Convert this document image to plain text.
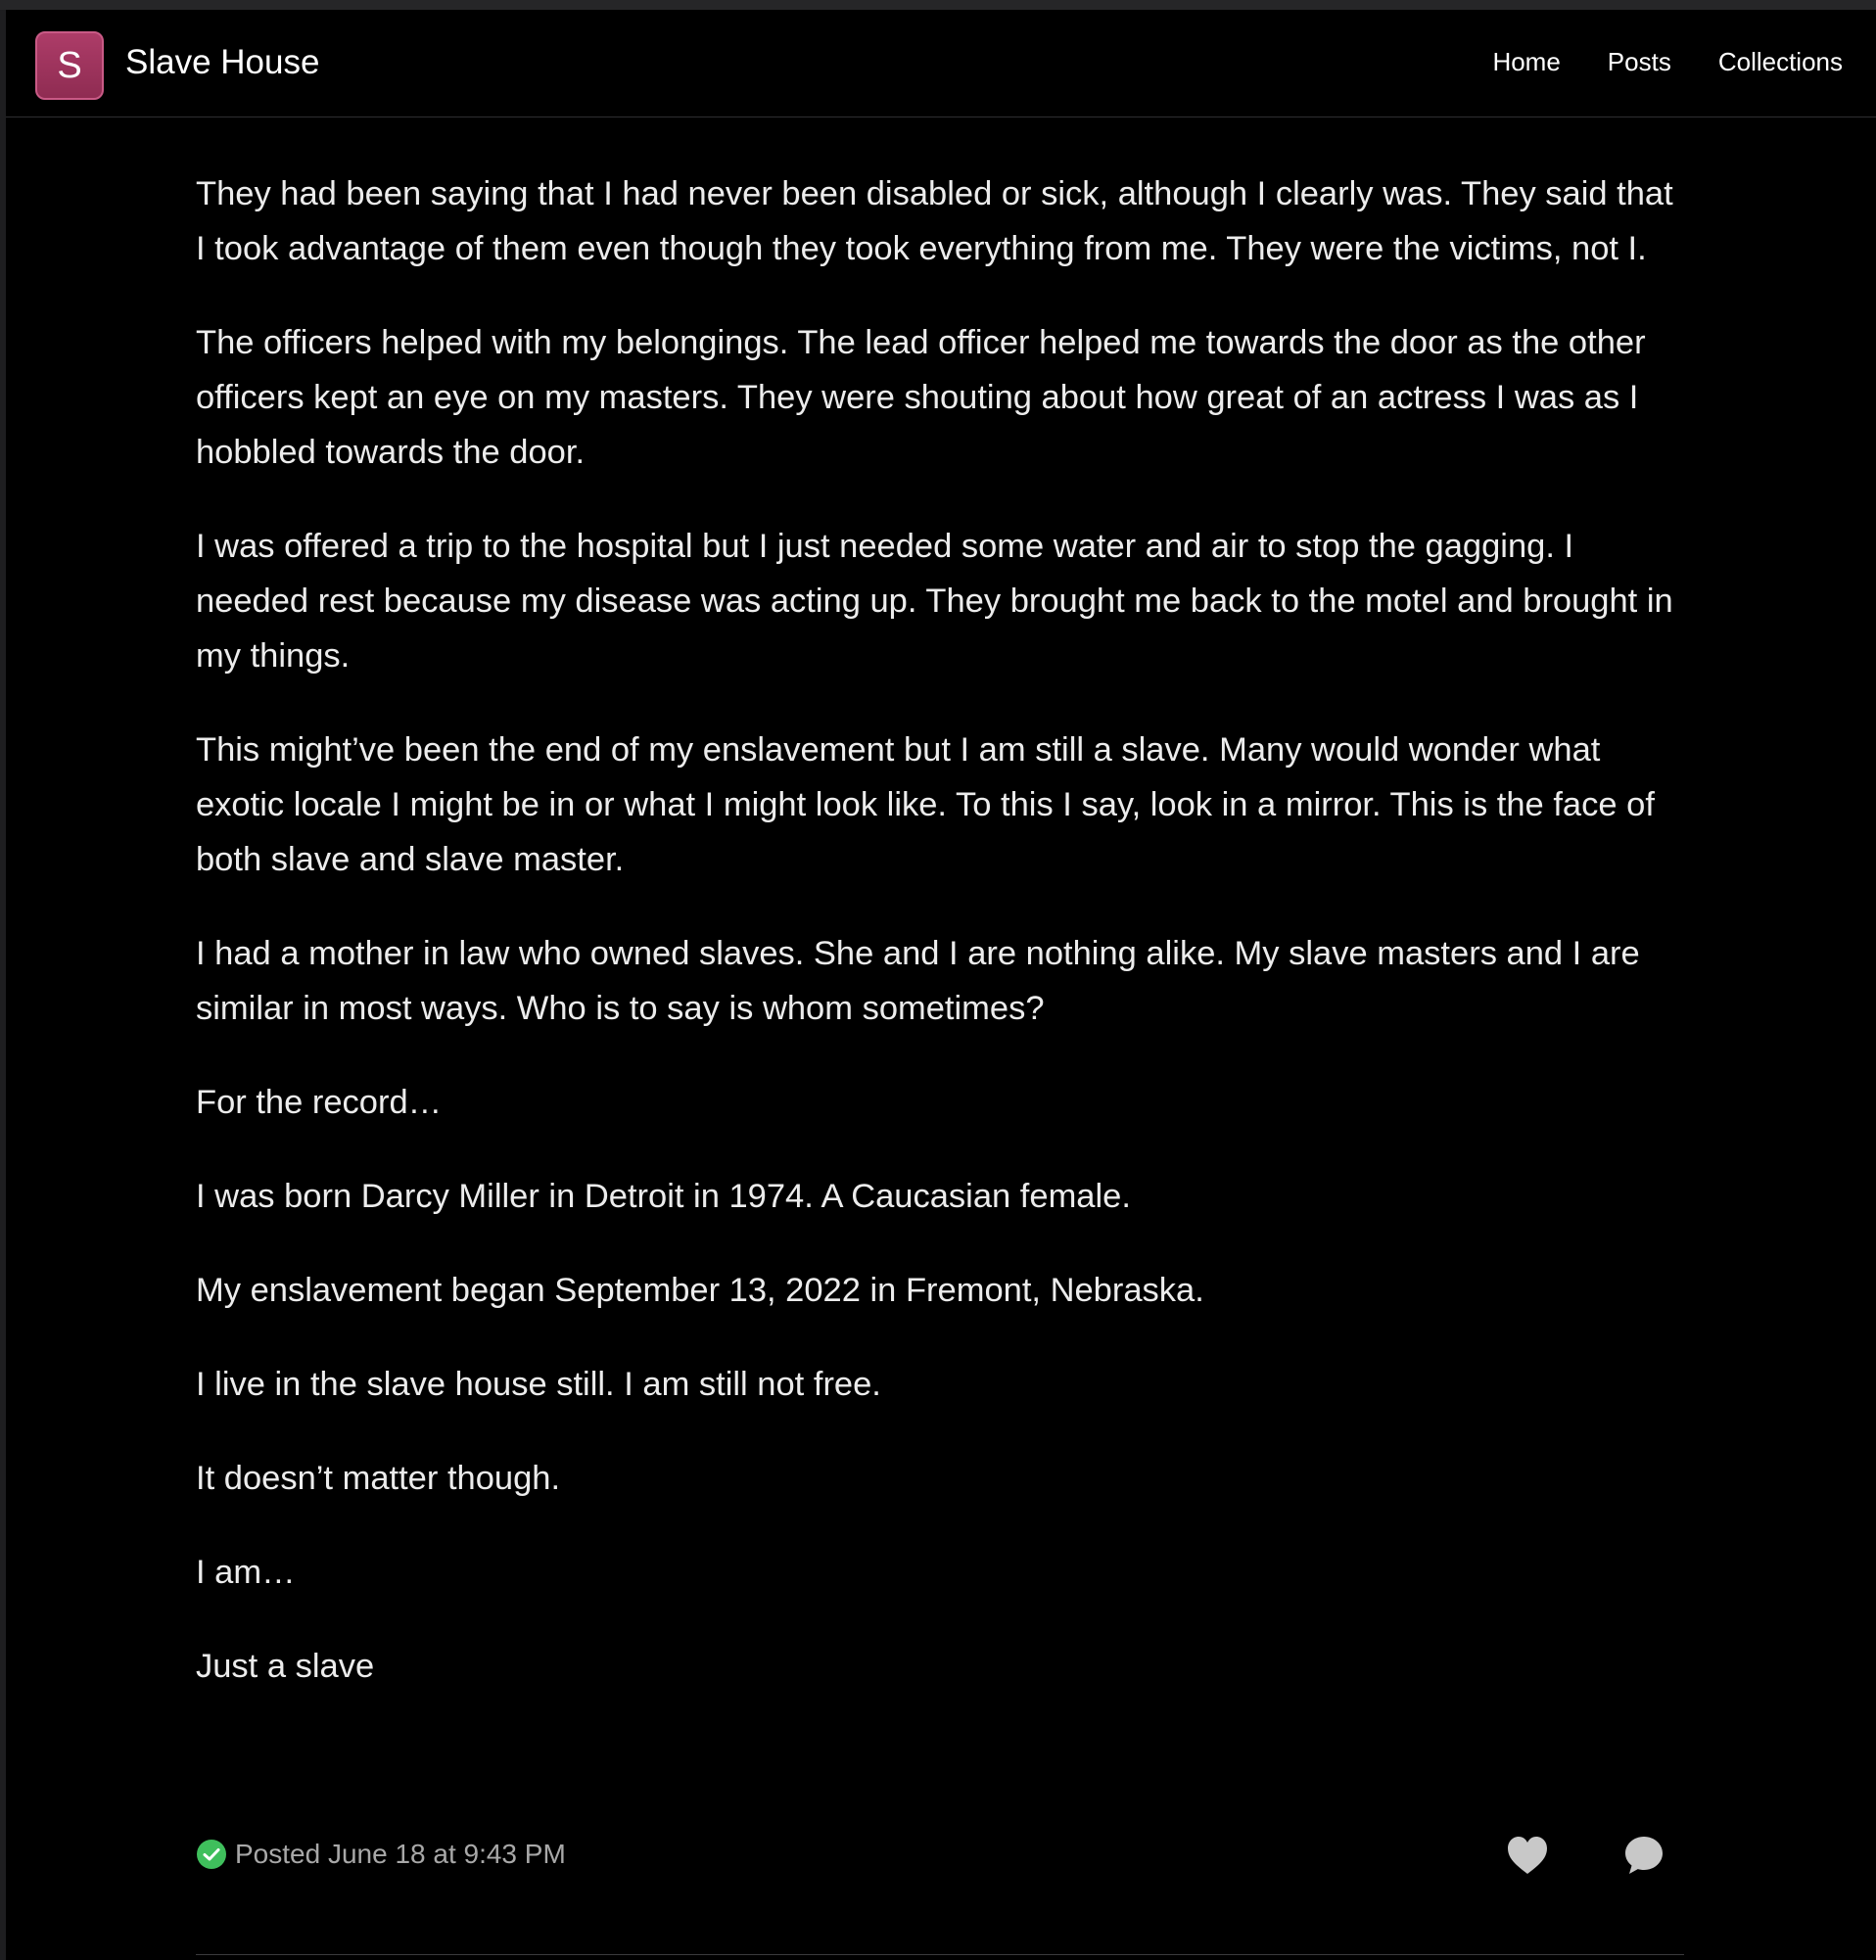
S Slave House	Home Posts Collections

They had been saying that I had never been disabled or sick, although I clearly was. They said that I took advantage of them even though they took everything from me. They were the victims, not I.

The officers helped with my belongings. The lead officer helped me towards the door as the other officers kept an eye on my masters. They were shouting about how great of an actress I was as I hobbled towards the door.

I was offered a trip to the hospital but I just needed some water and air to stop the gagging. I needed rest because my disease was acting up. They brought me back to the motel and brought in my things.

This might’ve been the end of my enslavement but I am still a slave. Many would wonder what exotic locale I might be in or what I might look like. To this I say, look in a mirror. This is the face of both slave and slave master.

I had a mother in law who owned slaves. She and I are nothing alike. My slave masters and I are similar in most ways. Who is to say is whom sometimes?

For the record…

I was born Darcy Miller in Detroit in 1974. A Caucasian female.

My enslavement began September 13, 2022 in Fremont, Nebraska.

I live in the slave house still. I am still not free.

It doesn’t matter though.

I am…

Just a slave

Posted June 18 at 9:43 PM
